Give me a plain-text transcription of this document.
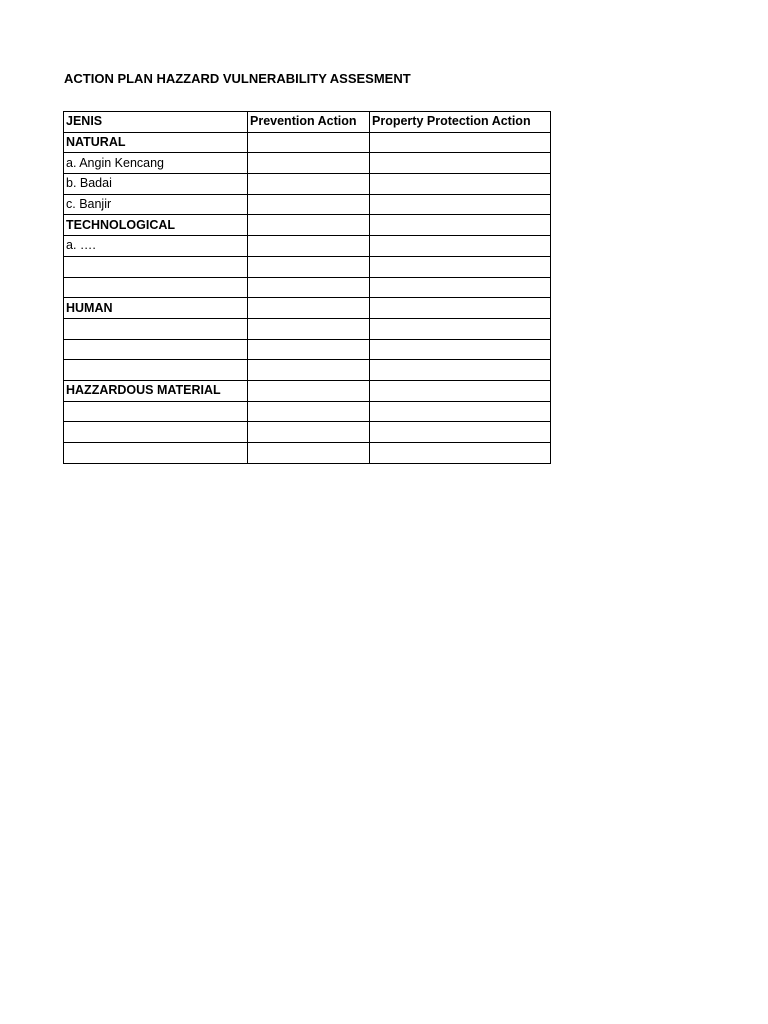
ACTION PLAN HAZZARD VULNERABILITY ASSESMENT
JENIS	Prevention Action	Property Protection Action
NATURAL		
a. Angin Kencang		
b. Badai		
c. Banjir		
TECHNOLOGICAL		
a. ….		

HUMAN		

HAZZARDOUS MATERIAL		
